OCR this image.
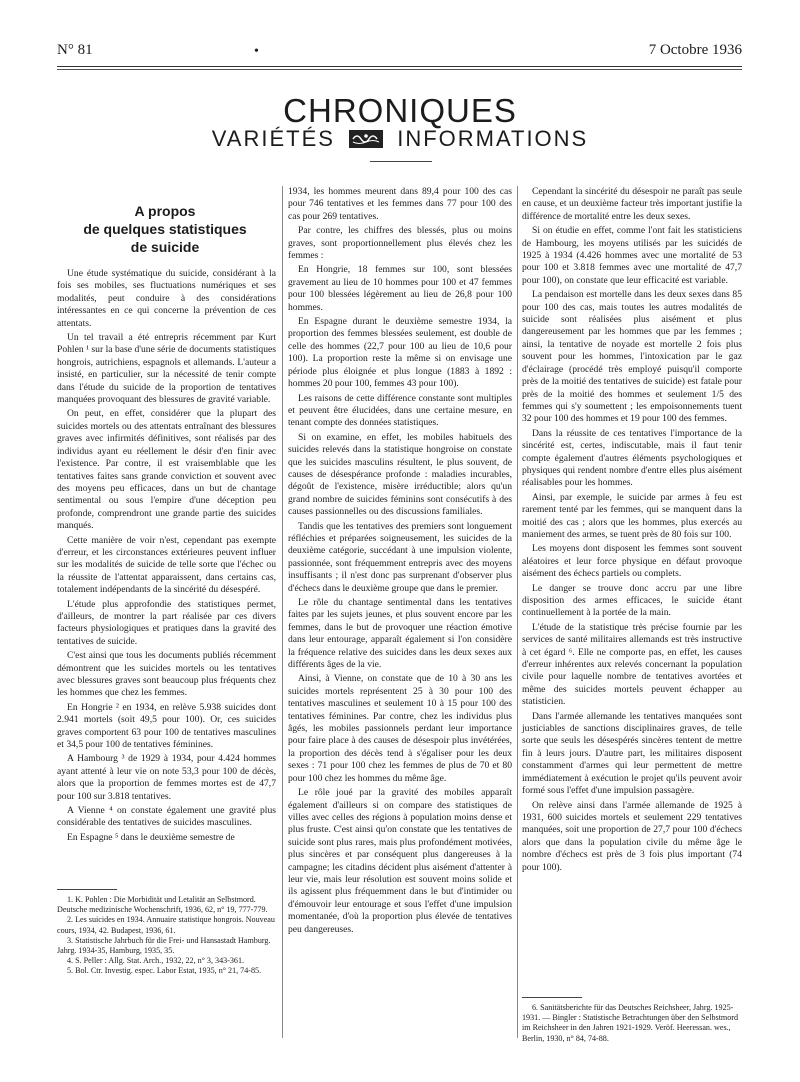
N° 81	•	7 Octobre 1936
CHRONIQUES
VARIÉTÉS	INFORMATIONS
A propos
de quelques statistiques
de suicide

Une étude systématique du suicide, considérant à la fois ses mobiles, ses fluctuations numériques et ses modalités, peut conduire à des considérations intéressantes en ce qui concerne la prévention de ces attentats.

Un tel travail a été entrepris récemment par Kurt Pohlen ¹ sur la base d'une série de documents statistiques hongrois, autrichiens, espagnols et allemands. L'auteur a insisté, en particulier, sur la nécessité de tenir compte dans l'étude du suicide de la proportion de tentatives manquées provoquant des blessures de gravité variable.

On peut, en effet, considérer que la plupart des suicides mortels ou des attentats entraînant des blessures graves avec infirmités définitives, sont réalisés par des individus ayant eu réellement le désir d'en finir avec l'existence. Par contre, il est vraisemblable que les tentatives faites sans grande conviction et souvent avec des moyens peu efficaces, dans un but de chantage sentimental ou sous l'empire d'une déception peu profonde, comprendront une grande partie des suicides manqués.

Cette manière de voir n'est, cependant pas exempte d'erreur, et les circonstances extérieures peuvent influer sur les modalités de suicide de telle sorte que l'échec ou la réussite de l'attentat apparaissent, dans certains cas, totalement indépendants de la sincérité du désespéré.

L'étude plus approfondie des statistiques permet, d'ailleurs, de montrer la part réalisée par ces divers facteurs physiologiques et pratiques dans la gravité des tentatives de suicide.

C'est ainsi que tous les documents publiés récemment démontrent que les suicides mortels ou les tentatives avec blessures graves sont beaucoup plus fréquents chez les hommes que chez les femmes.

En Hongrie ² en 1934, en relève 5.938 suicides dont 2.941 mortels (soit 49,5 pour 100). Or, ces suicides graves comportent 63 pour 100 de tentatives masculines et 34,5 pour 100 de tentatives féminines.

A Hambourg ³ de 1929 à 1934, pour 4.424 hommes ayant attenté à leur vie on note 53,3 pour 100 de décès, alors que la proportion de femmes mortes est de 47,7 pour 100 sur 3.818 tentatives.

A Vienne ⁴ on constate également une gravité plus considérable des tentatives de suicides masculines.

En Espagne ⁵ dans le deuxième semestre de

1. K. Pohlen : Die Morbidität und Letalität an Selbstmord. Deutsche medizinische Wochenschrift, 1936, 62, n° 19, 777-779.

2. Les suicides en 1934. Annuaire statistique hongrois. Nouveau cours, 1934, 42. Budapest, 1936, 61.

3. Statistische Jahrbuch für die Frei- und Hansastadt Hamburg. Jahrg. 1934-35, Hamburg, 1935, 35.

4. S. Peller : Allg. Stat. Arch., 1932, 22, n° 3, 343-361.

5. Bol. Ctr. Investig. espec. Labor Estat, 1935, n° 21, 74-85.

1934, les hommes meurent dans 89,4 pour 100 des cas pour 746 tentatives et les femmes dans 77 pour 100 des cas pour 269 tentatives.

Par contre, les chiffres des blessés, plus ou moins graves, sont proportionnellement plus élevés chez les femmes :

En Hongrie, 18 femmes sur 100, sont blessées gravement au lieu de 10 hommes pour 100 et 47 femmes pour 100 blessées légèrement au lieu de 26,8 pour 100 hommes.

En Espagne durant le deuxième semestre 1934, la proportion des femmes blessées seulement, est double de celle des hommes (22,7 pour 100 au lieu de 10,6 pour 100). La proportion reste la même si on envisage une période plus éloignée et plus longue (1883 à 1892 : hommes 20 pour 100, femmes 43 pour 100).

Les raisons de cette différence constante sont multiples et peuvent être élucidées, dans une certaine mesure, en tenant compte des données statistiques.

Si on examine, en effet, les mobiles habituels des suicides relevés dans la statistique hongroise on constate que les suicides masculins résultent, le plus souvent, de causes de désespérance profonde : maladies incurables, dégoût de l'existence, misère irréductible; alors qu'un grand nombre de suicides féminins sont consécutifs à des causes passionnelles ou des discussions familiales.

Tandis que les tentatives des premiers sont longuement réfléchies et préparées soigneusement, les suicides de la deuxième catégorie, succédant à une impulsion violente, passionnée, sont fréquemment entrepris avec des moyens insuffisants ; il n'est donc pas surprenant d'observer plus d'échecs dans le deuxième groupe que dans le premier.

Le rôle du chantage sentimental dans les tentatives faites par les sujets jeunes, et plus souvent encore par les femmes, dans le but de provoquer une réaction émotive dans leur entourage, apparaît également si l'on considère la fréquence relative des suicides dans les deux sexes aux différents âges de la vie.

Ainsi, à Vienne, on constate que de 10 à 30 ans les suicides mortels représentent 25 à 30 pour 100 des tentatives masculines et seulement 10 à 15 pour 100 des tentatives féminines. Par contre, chez les individus plus âgés, les mobiles passionnels perdant leur importance pour faire place à des causes de désespoir plus invétérées, la proportion des décès tend à s'égaliser pour les deux sexes : 71 pour 100 chez les femmes de plus de 70 et 80 pour 100 chez les hommes du même âge.

Le rôle joué par la gravité des mobiles apparaît également d'ailleurs si on compare des statistiques de villes avec celles des régions à population moins dense et plus fruste. C'est ainsi qu'on constate que les tentatives de suicide sont plus rares, mais plus profondément motivées, plus sincères et par conséquent plus dangereuses à la campagne; les citadins décident plus aisément d'attenter à leur vie, mais leur résolution est souvent moins solide et ils agissent plus fréquemment dans le but d'intimider ou d'émouvoir leur entourage et sous l'effet d'une impulsion momentanée, d'où la proportion plus élevée de tentatives peu dangereuses.

Cependant la sincérité du désespoir ne paraît pas seule en cause, et un deuxième facteur très important justifie la différence de mortalité entre les deux sexes.

Si on étudie en effet, comme l'ont fait les statisticiens de Hambourg, les moyens utilisés par les suicidés de 1925 à 1934 (4.426 hommes avec une mortalité de 53 pour 100 et 3.818 femmes avec une mortalité de 47,7 pour 100), on constate que leur efficacité est variable.

La pendaison est mortelle dans les deux sexes dans 85 pour 100 des cas, mais toutes les autres modalités de suicide sont réalisées plus aisément et plus dangereusement par les hommes que par les femmes ; ainsi, la tentative de noyade est mortelle 2 fois plus souvent pour les hommes, l'intoxication par le gaz d'éclairage (procédé très employé puisqu'il comporte près de la moitié des tentatives de suicide) est fatale pour près de la moitié des hommes et seulement 1/5 des femmes qui s'y soumettent ; les empoisonnements tuent 32 pour 100 des hommes et 19 pour 100 des femmes.

Dans la réussite de ces tentatives l'importance de la sincérité est, certes, indiscutable, mais il faut tenir compte également d'autres éléments psychologiques et physiques qui rendent nombre d'entre elles plus aisément réalisables pour les hommes.

Ainsi, par exemple, le suicide par armes à feu est rarement tenté par les femmes, qui se manquent dans la moitié des cas ; alors que les hommes, plus exercés au maniement des armes, se tuent près de 80 fois sur 100.

Les moyens dont disposent les femmes sont souvent aléatoires et leur force physique en défaut provoque aisément des échecs partiels ou complets.

Le danger se trouve donc accru par une libre disposition des armes efficaces, le suicide étant continuellement à la portée de la main.

L'étude de la statistique très précise fournie par les services de santé militaires allemands est très instructive à cet égard ⁶. Elle ne comporte pas, en effet, les causes d'erreur inhérentes aux relevés concernant la population civile pour laquelle nombre de tentatives avortées et même des suicides mortels peuvent échapper au statisticien.

Dans l'armée allemande les tentatives manquées sont justiciables de sanctions disciplinaires graves, de telle sorte que seuls les désespérés sincères tentent de mettre fin à leurs jours. D'autre part, les militaires disposent constamment d'armes qui leur permettent de mettre immédiatement à exécution le projet qu'ils peuvent avoir formé sous l'effet d'une impulsion passagère.

On relève ainsi dans l'armée allemande de 1925 à 1931, 600 suicides mortels et seulement 229 tentatives manquées, soit une proportion de 27,7 pour 100 d'échecs alors que dans la population civile du même âge le nombre d'échecs est près de 3 fois plus important (74 pour 100).

6. Sanitätsberichte für das Deutsches Reichsheer, Jahrg. 1925-1931. — Bingler : Statistische Betrachtungen über den Selbstmord im Reichsheer in den Jahren 1921-1929. Veröf. Heeressan. wes., Berlin, 1930, n° 84, 74-88.
